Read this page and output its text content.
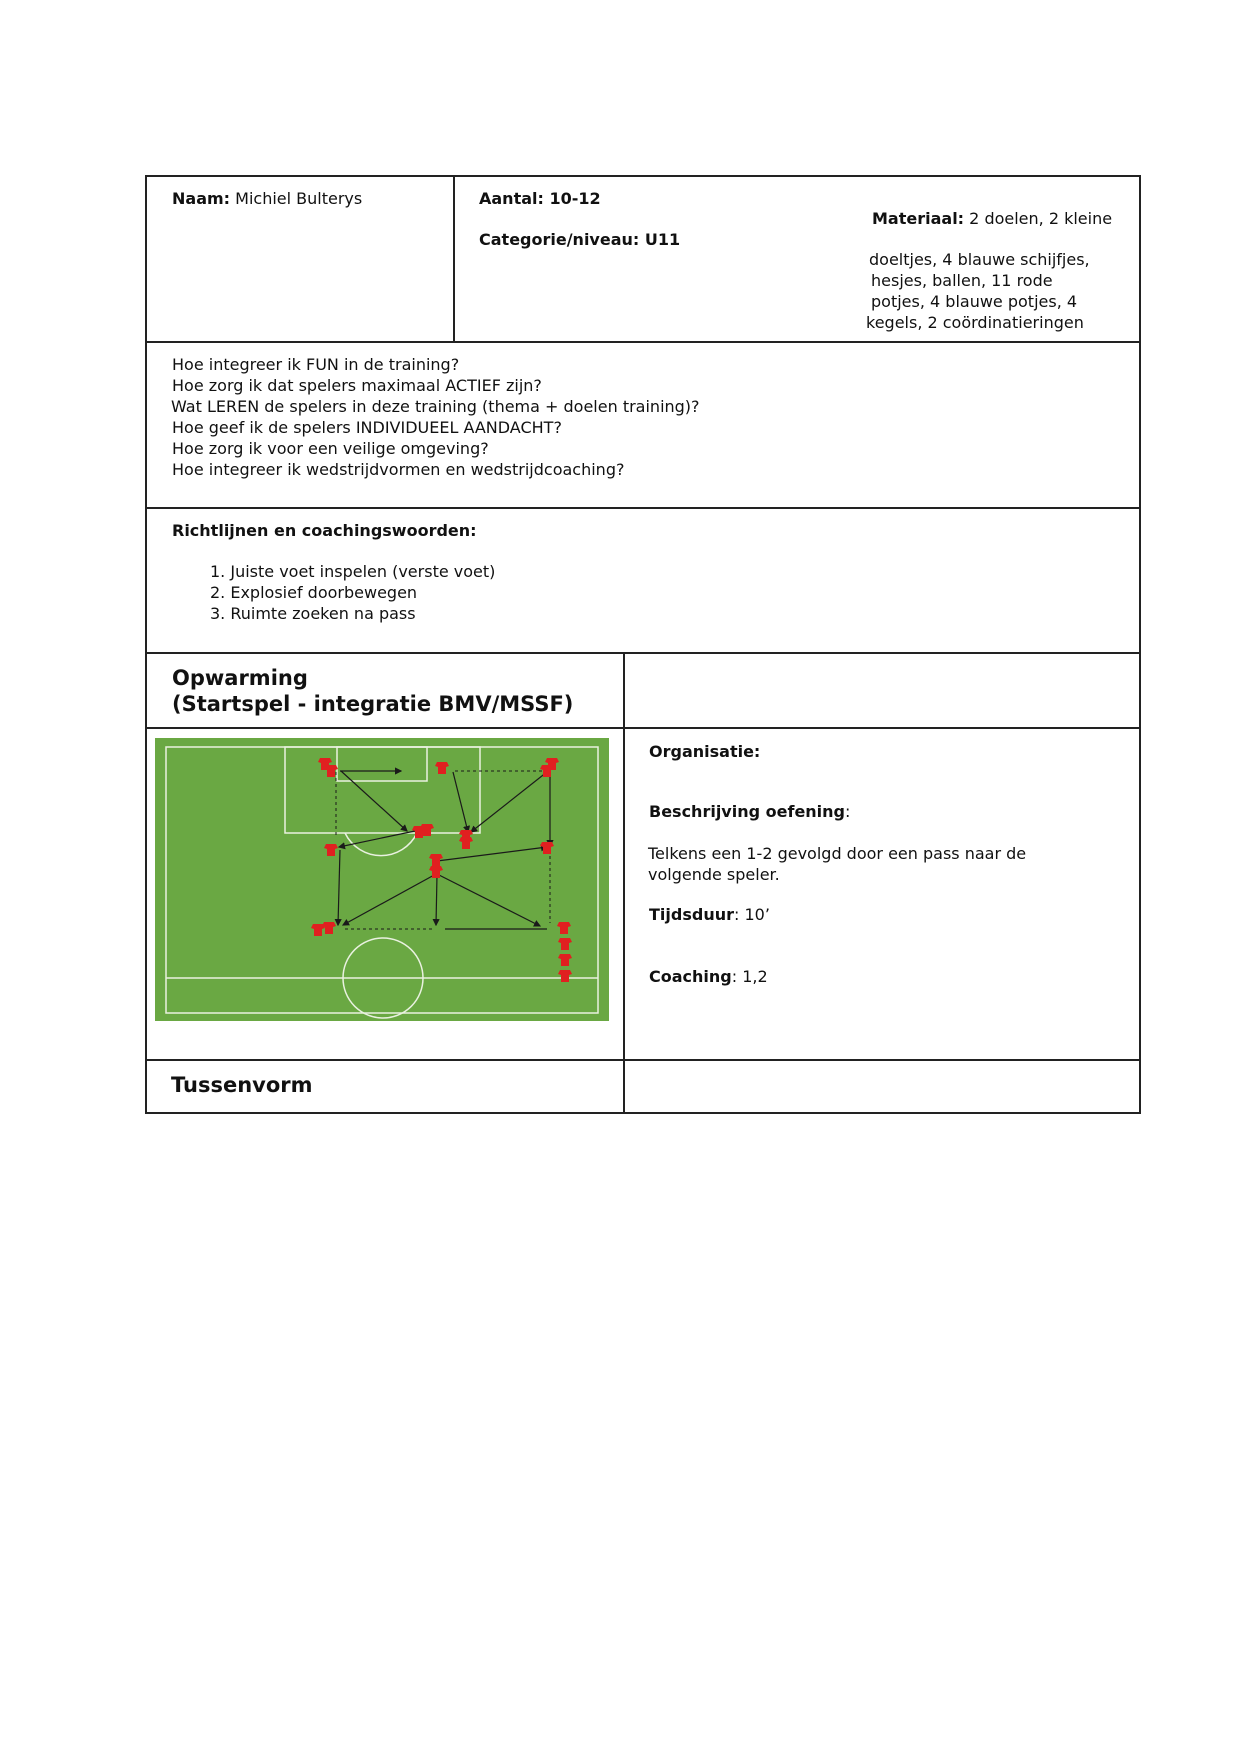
Naam: Michiel Bulterys	Aantal: 10-12
Categorie/niveau: U11
Materiaal: 2 doelen, 2 kleine
doeltjes, 4 blauwe schijfjes,
hesjes, ballen, 11 rode
potjes, 4 blauwe potjes, 4
kegels, 2 coördinatieringen
Hoe integreer ik FUN in de training?
Hoe zorg ik dat spelers maximaal ACTIEF zijn?
Wat LEREN de spelers in deze training (thema + doelen training)?
Hoe geef ik de spelers INDIVIDUEEL AANDACHT?
Hoe zorg ik voor een veilige omgeving?
Hoe integreer ik wedstrijdvormen en wedstrijdcoaching?
Richtlijnen en coachingswoorden:
1. Juiste voet inspelen (verste voet)
2. Explosief doorbewegen
3. Ruimte zoeken na pass
Opwarming
(Startspel - integratie BMV/MSSF)
Organisatie:
Beschrijving oefening:
Telkens een 1-2 gevolgd door een pass naar de
volgende speler.
Tijdsduur: 10’
Coaching: 1,2
Tussenvorm
